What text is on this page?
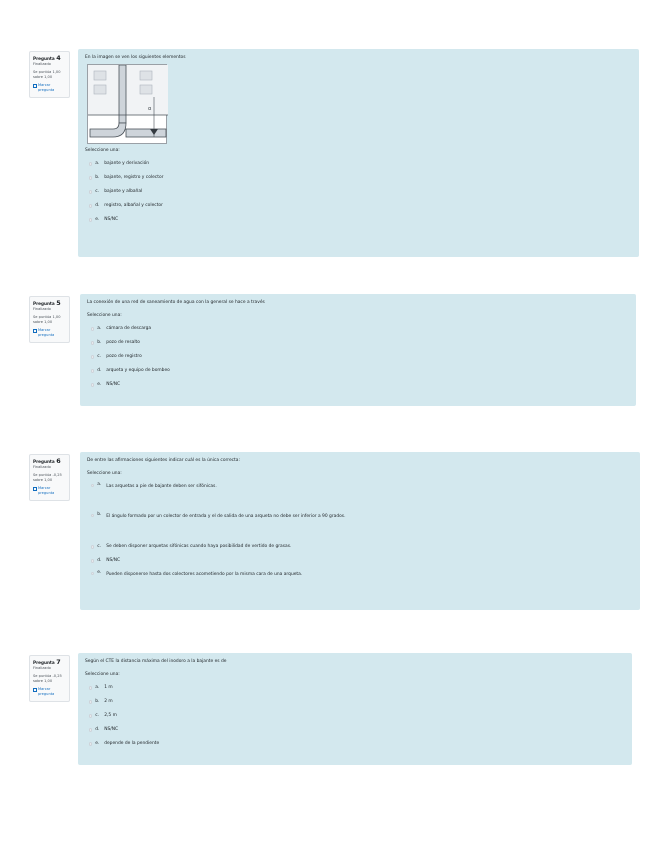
Pregunta 4
Finalizado
Se puntúa 1,00 sobre 1,00
Marcar pregunta
En la imagen se ven los siguientes elementos
α
Seleccione una:
a.	bajante y derivación
b.	bajante, registro y colector
c.	bajante y albañal
d.	registro, albañal y colector
e.	NS/NC
Pregunta 5
Finalizado
Se puntúa 1,00 sobre 1,00
Marcar pregunta
La conexión de una red de saneamiento de agua con la general se hace a través
Seleccione una:
a.	cámara de descarga
b.	pozo de resalto
c.	pozo de registro
d.	arqueta y equipo de bombeo
e.	NS/NC
Pregunta 6
Finalizado
Se puntúa -0,25 sobre 1,00
Marcar pregunta
De entre las afirmaciones siguientes indicar cuál es la única correcta:
Seleccione una:
a.	Las arquetas a pie de bajante deben ser sifónicas.
b.	El ángulo formado por un colector de entrada y el de salida de una arqueta no debe ser inferior a 90 grados.
c.	Se deben disponer arquetas sifónicas cuando haya posibilidad de vertido de grasas.
d.	NS/NC
e.	Pueden disponerse hasta dos colectores acometiendo por la misma cara de una arqueta.
Pregunta 7
Finalizado
Se puntúa -0,25 sobre 1,00
Marcar pregunta
Según el CTE la distancia máxima del inodoro a la bajante es de
Seleccione una:
a.	1 m
b.	2 m
c.	2,5 m
d.	NS/NC
e.	depende de la pendiente
